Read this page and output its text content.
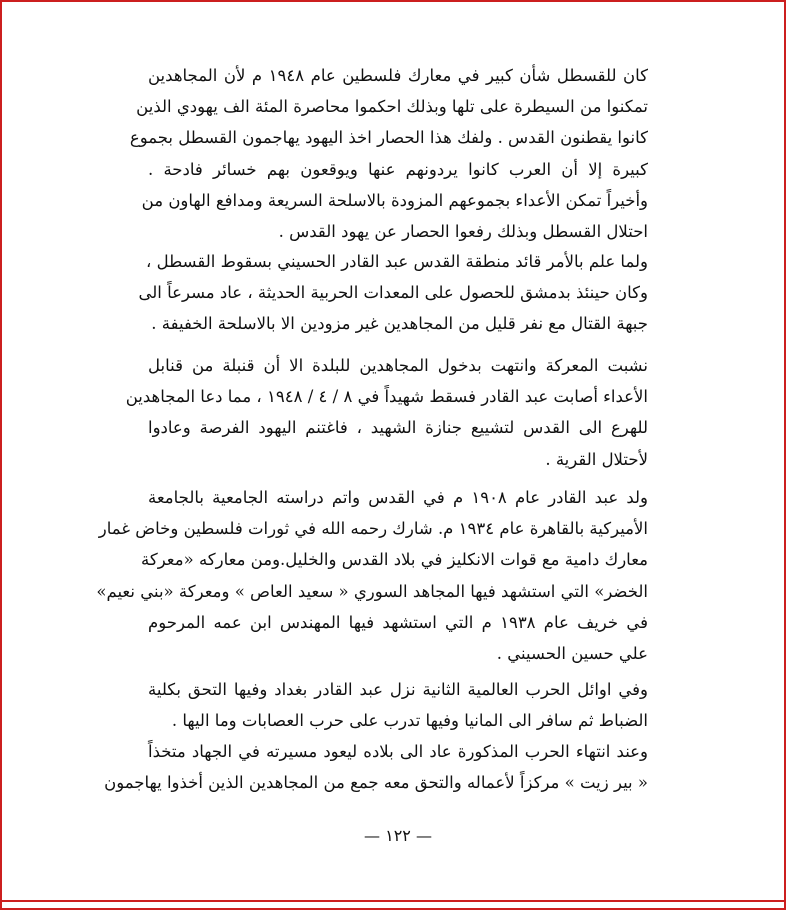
كان للقسطل شأن كبير في معارك فلسطين عام ١٩٤٨ م لأن المجاهدين
تمكنوا من السيطرة على تلها وبذلك احكموا محاصرة المئة الف يهودي الذين
كانوا يقطنون القدس . ولفك هذا الحصار اخذ اليهود يهاجمون القسطل بجموع
كبيرة إلا أن العرب كانوا يردونهم عنها ويوقعون بهم خسائر فادحة .
وأخيراً تمكن الأعداء بجموعهم المزودة بالاسلحة السريعة ومدافع الهاون من
احتلال القسطل وبذلك رفعوا الحصار عن يهود القدس .
ولما علم بالأمر قائد منطقة القدس عبد القادر الحسيني بسقوط القسطل ،
وكان حينئذ بدمشق للحصول على المعدات الحربية الحديثة ، عاد مسرعاً الى
جبهة القتال مع نفر قليل من المجاهدين غير مزودين الا بالاسلحة الخفيفة .
نشبت المعركة وانتهت بدخول المجاهدين للبلدة الا أن قنبلة من قنابل
الأعداء أصابت عبد القادر فسقط شهيداً في ٨ / ٤ / ١٩٤٨ ، مما دعا المجاهدين
للهرع الى القدس لتشييع جنازة الشهيد ، فاغتنم اليهود الفرصة وعادوا
لأحتلال القرية .
ولد عبد القادر عام ١٩٠٨ م في القدس واتم دراسته الجامعية بالجامعة
الأميركية بالقاهرة عام ١٩٣٤ م. شارك رحمه الله في ثورات فلسطين وخاض غمار
معارك دامية مع قوات الانكليز في بلاد القدس والخليل.ومن معاركه «معركة
الخضر» التي استشهد فيها المجاهد السوري « سعيد العاص » ومعركة «بني نعيم»
في خريف عام ١٩٣٨ م التي استشهد فيها المهندس ابن عمه المرحوم
علي حسين الحسيني .
وفي اوائل الحرب العالمية الثانية نزل عبد القادر بغداد وفيها التحق بكلية
الضباط ثم سافر الى المانيا وفيها تدرب على حرب العصابات وما اليها .
وعند انتهاء الحرب المذكورة عاد الى بلاده ليعود مسيرته في الجهاد متخذاً
« بير زيت » مركزاً لأعماله والتحق معه جمع من المجاهدين الذين أخذوا يهاجمون
— ١٢٢ —
